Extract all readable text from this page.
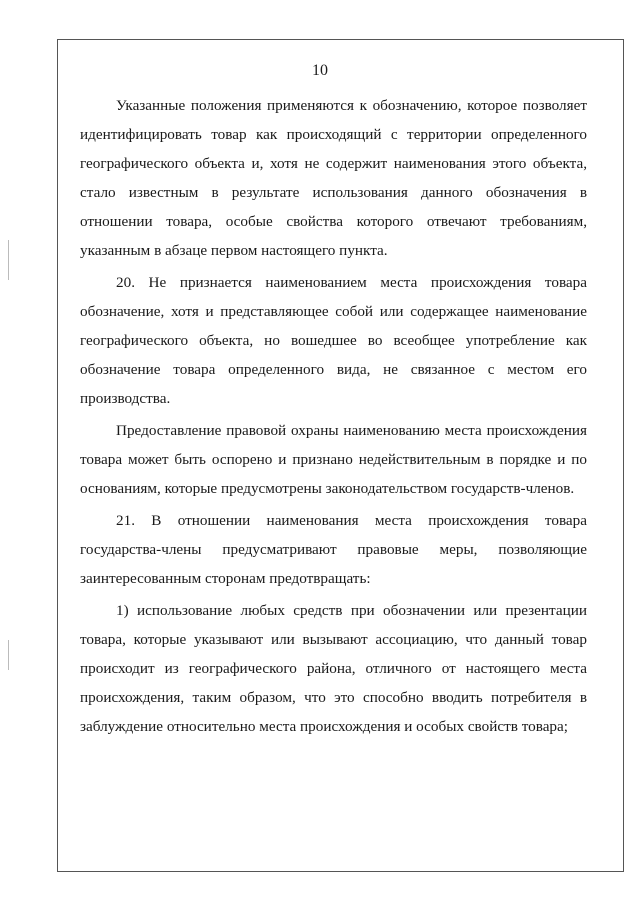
10

Указанные положения применяются к обозначению, которое позволяет идентифицировать товар как происходящий с территории определенного географического объекта и, хотя не содержит наименования этого объекта, стало известным в результате использования данного обозначения в отношении товара, особые свойства которого отвечают требованиям, указанным в абзаце первом настоящего пункта.

20. Не признается наименованием места происхождения товара обозначение, хотя и представляющее собой или содержащее наименование географического объекта, но вошедшее во всеобщее употребление как обозначение товара определенного вида, не связанное с местом его производства.

Предоставление правовой охраны наименованию места происхождения товара может быть оспорено и признано недействительным в порядке и по основаниям, которые предусмотрены законодательством государств-членов.

21. В отношении наименования места происхождения товара государства-члены предусматривают правовые меры, позволяющие заинтересованным сторонам предотвращать:

1) использование любых средств при обозначении или презентации товара, которые указывают или вызывают ассоциацию, что данный товар происходит из географического района, отличного от настоящего места происхождения, таким образом, что это способно вводить потребителя в заблуждение относительно места происхождения и особых свойств товара;
